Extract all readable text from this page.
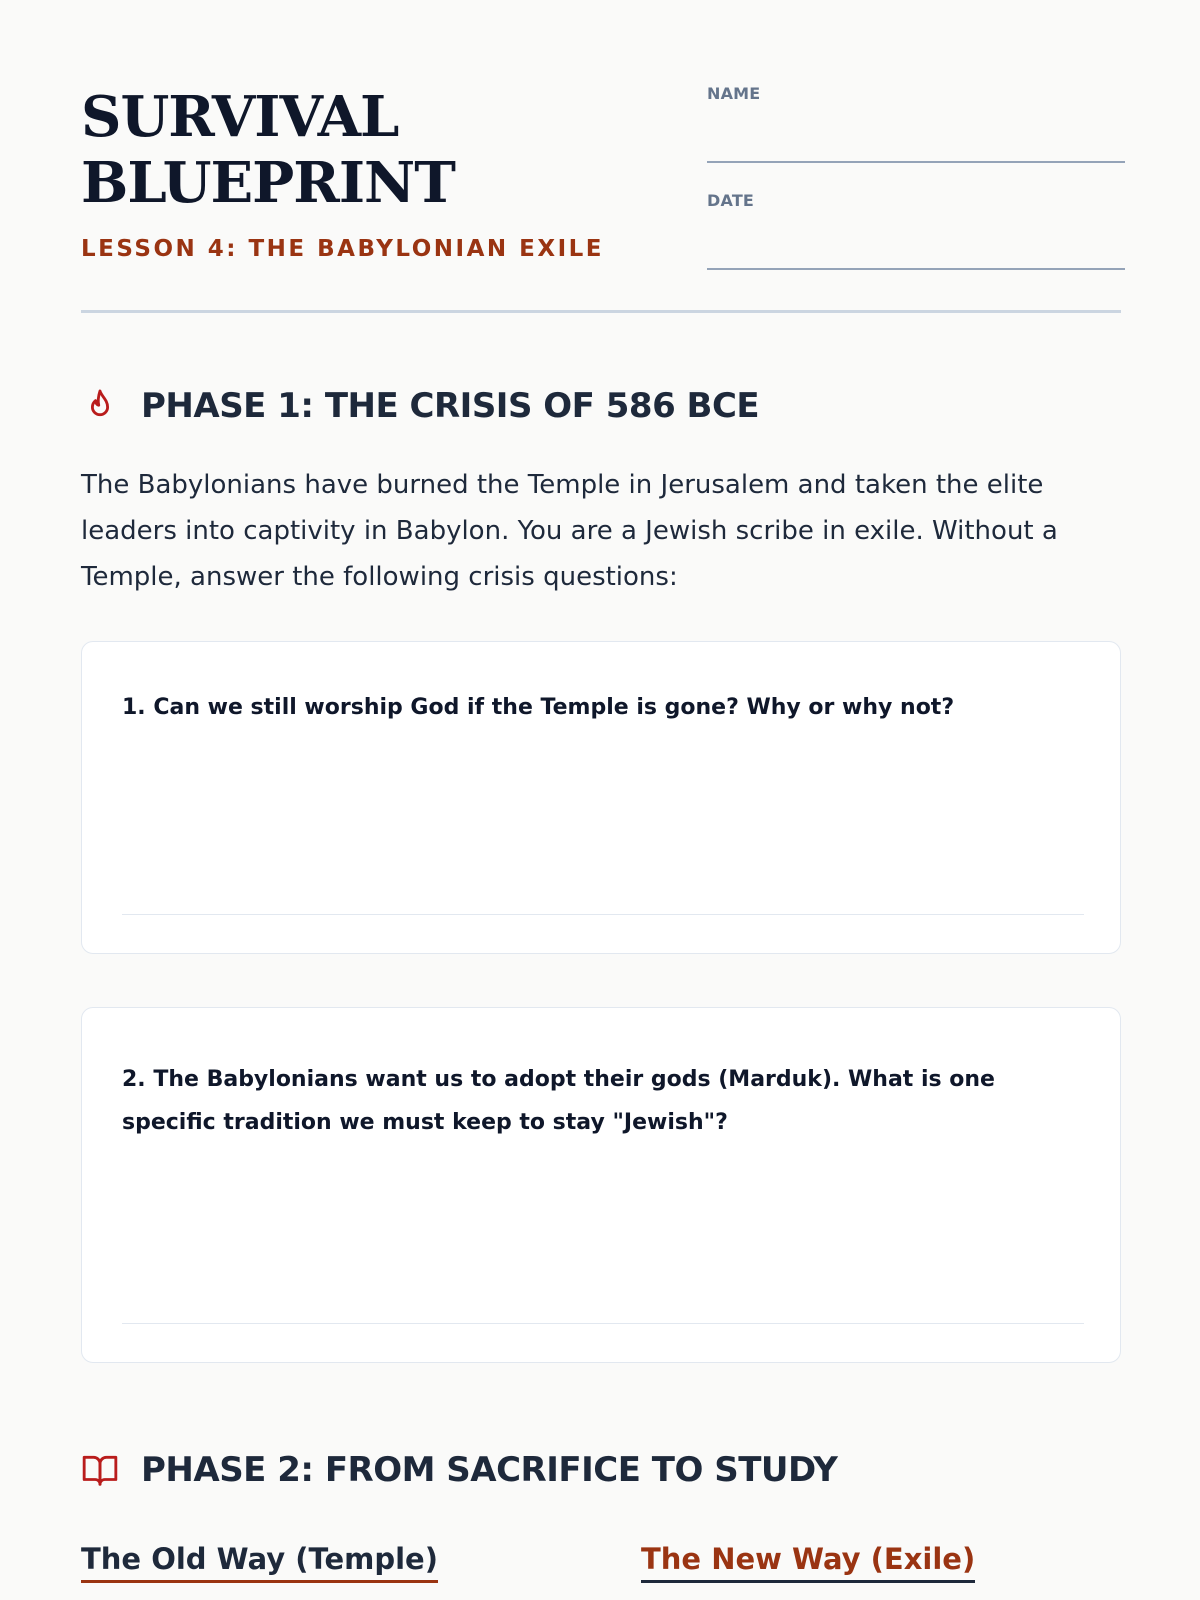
SURVIVAL
BLUEPRINT
LESSON 4: THE BABYLONIAN EXILE
NAME
DATE
PHASE 1: THE CRISIS OF 586 BCE

The Babylonians have burned the Temple in Jerusalem and taken the elite leaders into captivity in Babylon. You are a Jewish scribe in exile. Without a Temple, answer the following crisis questions:

1. Can we still worship God if the Temple is gone? Why or why not?

2. The Babylonians want us to adopt their gods (Marduk). What is one specific tradition we must keep to stay "Jewish"?

PHASE 2: FROM SACRIFICE TO STUDY
The Old Way (Temple)	The New Way (Exile)
